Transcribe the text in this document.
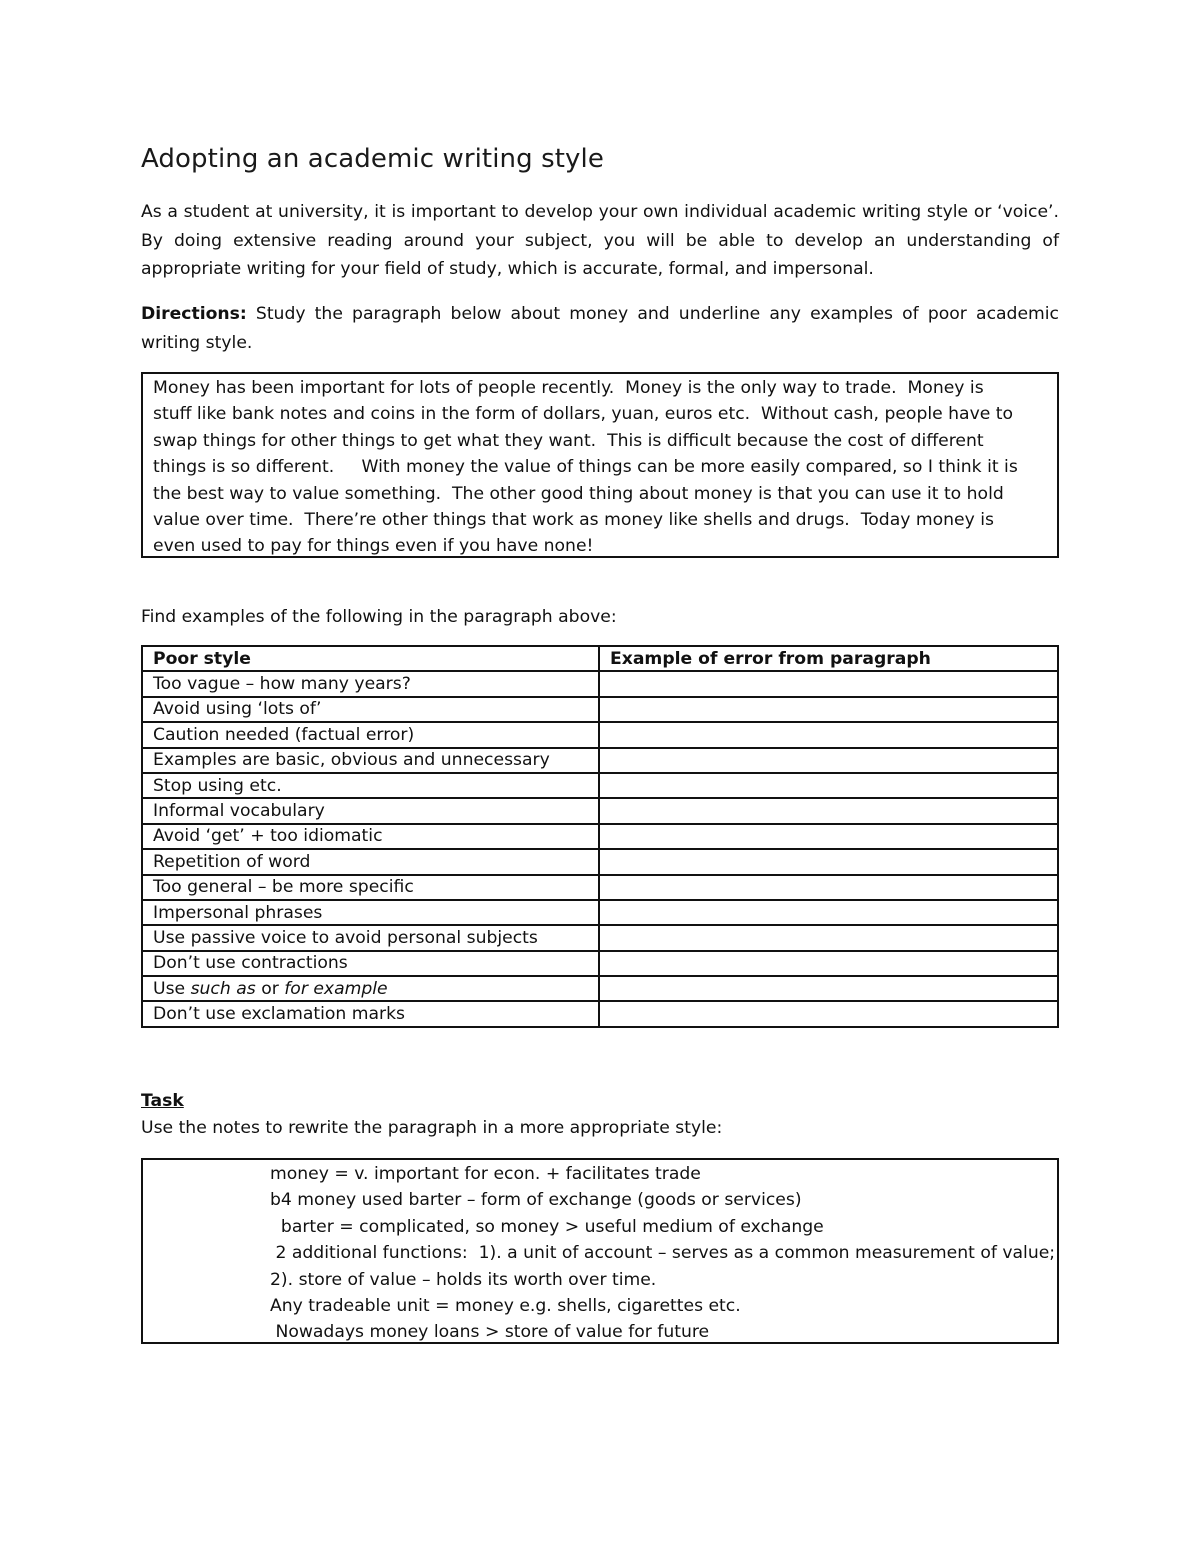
Adopting an academic writing style

As a student at university, it is important to develop your own individual academic writing style or ‘voice’. By doing extensive reading around your subject, you will be able to develop an understanding of appropriate writing for your field of study, which is accurate, formal, and impersonal.

Directions: Study the paragraph below about money and underline any examples of poor academic writing style.

Money has been important for lots of people recently.  Money is the only way to trade.  Money is
stuff like bank notes and coins in the form of dollars, yuan, euros etc.  Without cash, people have to
swap things for other things to get what they want.  This is difficult because the cost of different
things is so different.     With money the value of things can be more easily compared, so I think it is
the best way to value something.  The other good thing about money is that you can use it to hold
value over time.  There’re other things that work as money like shells and drugs.  Today money is
even used to pay for things even if you have none!

Find examples of the following in the paragraph above:

Poor style	Example of error from paragraph
Too vague – how many years?	
Avoid using ‘lots of’	
Caution needed (factual error)	
Examples are basic, obvious and unnecessary	
Stop using etc.	
Informal vocabulary	
Avoid ‘get’ + too idiomatic	
Repetition of word	
Too general – be more specific	
Impersonal phrases	
Use passive voice to avoid personal subjects	
Don’t use contractions	
Use such as or for example	
Don’t use exclamation marks	

Task

Use the notes to rewrite the paragraph in a more appropriate style:

money = v. important for econ. + facilitates trade
b4 money used barter – form of exchange (goods or services)
barter = complicated, so money > useful medium of exchange
2 additional functions:  1). a unit of account – serves as a common measurement of value;
2). store of value – holds its worth over time.
Any tradeable unit = money e.g. shells, cigarettes etc.
Nowadays money loans > store of value for future
